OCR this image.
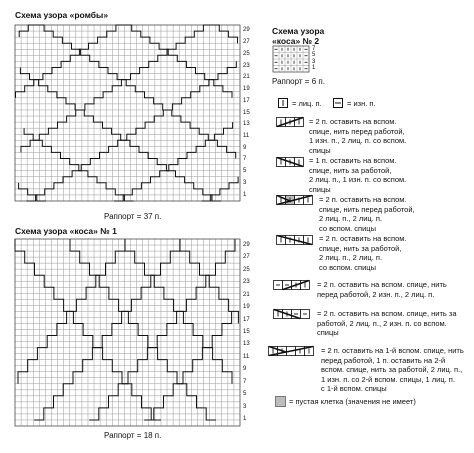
Схема узора «ромбы»
29
27
25
23
21
19
17
15
13
11
9
7
5
3
1
Раппорт = 37 п.
Схема узора «коса» № 1
29
27
25
23
21
19
17
15
13
11
9
7
5
3
1
Раппорт = 18 п.
Схема узора
«коса» № 2
7
5
3
1
Раппорт = 6 п.
= лиц. п.	= изн. п.
= 2 п. оставить на вспом.
спице, нить перед работой,
1 изн. п., 2 лиц. п. со вспом.
спицы
= 1 п. оставить на вспом.
спице, нить за работой,
2 лиц. п., 1 изн. п. со вспом.
спицы
= 2 п. оставить на вспом.
спице, нить перед работой,
2 лиц. п., 2 лиц. п.
со вспом. спицы
= 2 п. оставить на вспом.
спице, нить за работой,
2 лиц. п., 2 лиц. п.
со вспом. спицы
= 2 п. оставить на вспом. спице, нить
перед работой, 2 изн. п., 2 лиц. п.
= 2 п. оставить на вспом. спице, нить за
работой, 2 лиц. п., 2 изн. п. со вспом.
спицы
= 2 п. оставить на 1-й вспом. спице, нить
перед работой, 1 п. оставить на 2-й
вспом. спице, нить за работой, 2 лиц. п.,
1 изн. п. со 2-й вспом. спицы, 1 лиц. п.
с 1-й вспом. спицы
= пустая клетка (значения не имеет)
